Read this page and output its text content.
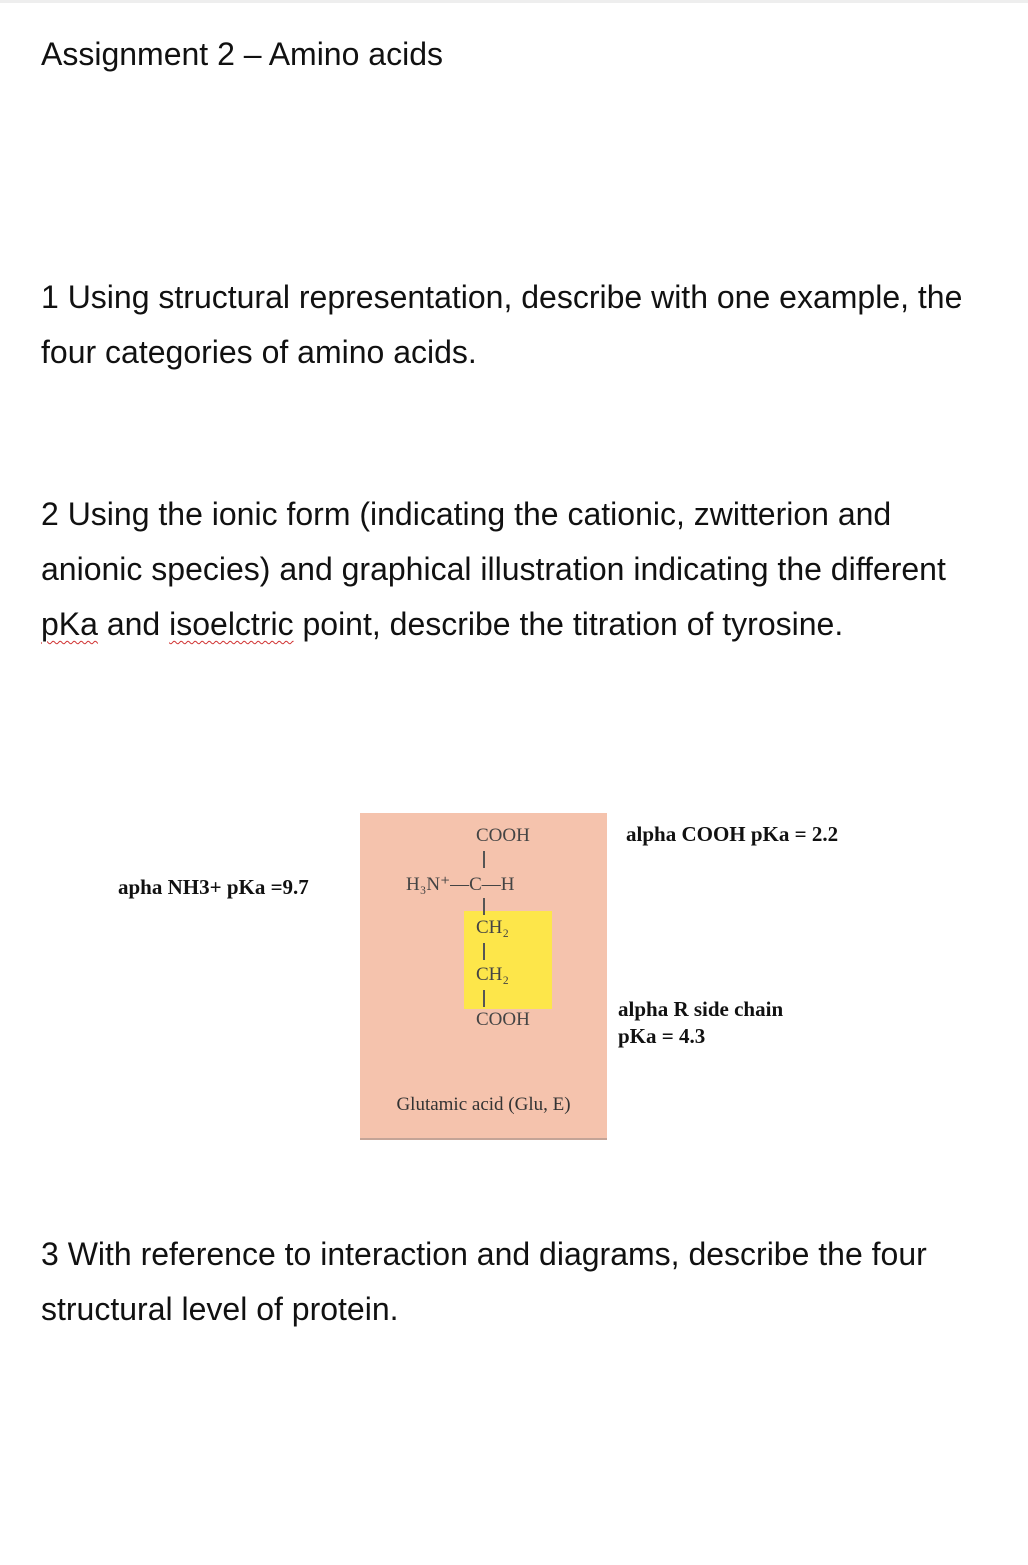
Assignment 2 – Amino acids

1 Using structural representation, describe with one example, the four categories of amino acids.

2 Using the ionic form (indicating the cationic, zwitterion and anionic species) and graphical illustration indicating the different pKa and isoelctric point, describe the titration of tyrosine.

apha NH3+ pKa =9.7
COOH
H₃N⁺—C—H
CH₂
CH₂
COOH
Glutamic acid (Glu, E)
alpha COOH pKa = 2.2
alpha R side chain
pKa = 4.3

3 With reference to interaction and diagrams, describe the four structural level of protein.
